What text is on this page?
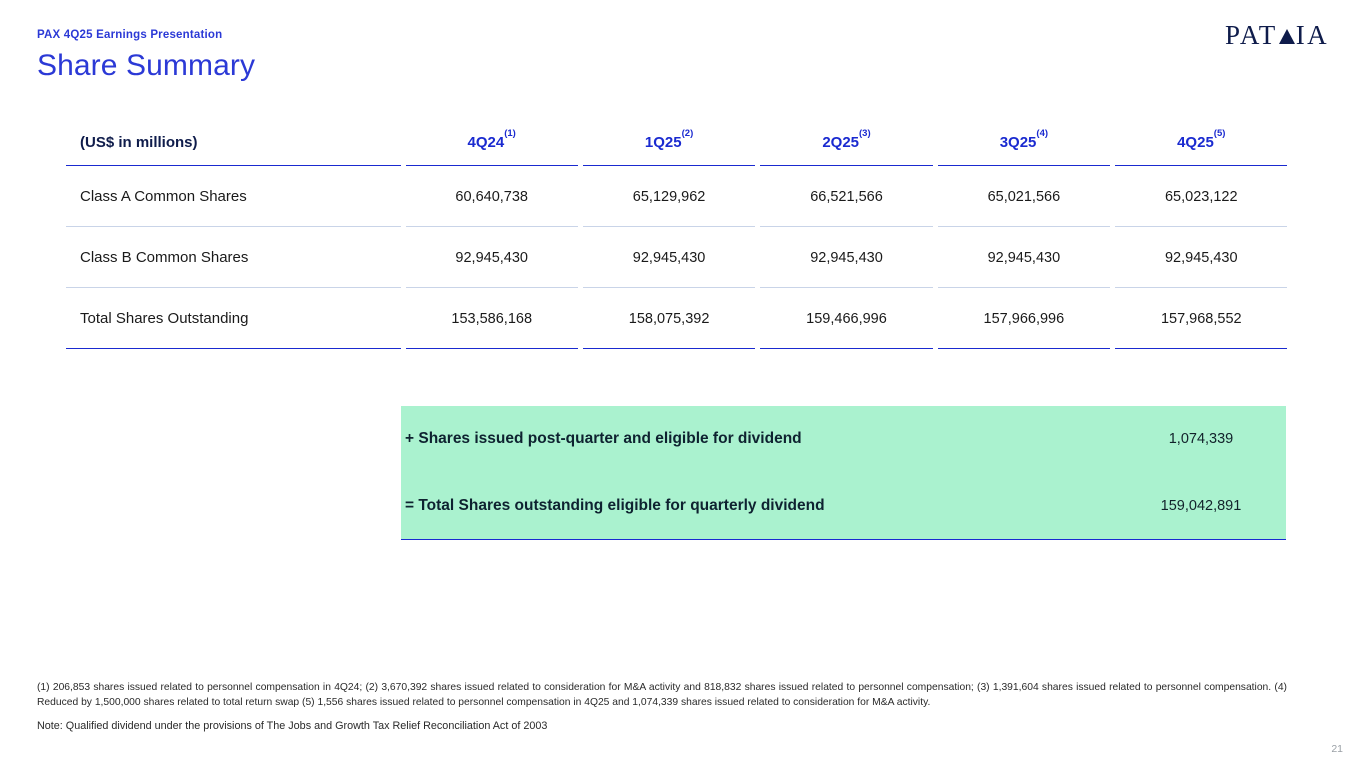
PAX 4Q25 Earnings Presentation
Share Summary
PAT IA
(US$ in millions)	4Q24$^{(1)}$	1Q25$^{(2)}$	2Q25$^{(3)}$	3Q25$^{(4)}$	4Q25$^{(5)}$
Class A Common Shares	60,640,738	65,129,962	66,521,566	65,021,566	65,023,122
Class B Common Shares	92,945,430	92,945,430	92,945,430	92,945,430	92,945,430
Total Shares Outstanding	153,586,168	158,075,392	159,466,996	157,966,996	157,968,552
+ Shares issued post-quarter and eligible for dividend	1,074,339
= Total Shares outstanding eligible for quarterly dividend	159,042,891
(1) 206,853 shares issued related to personnel compensation in 4Q24; (2) 3,670,392 shares issued related to consideration for M&A activity and 818,832 shares issued related to personnel compensation; (3) 1,391,604 shares issued related to personnel compensation. (4) Reduced by 1,500,000 shares related to total return swap (5) 1,556 shares issued related to personnel compensation in 4Q25 and 1,074,339 shares issued related to consideration for M&A activity.
Note: Qualified dividend under the provisions of The Jobs and Growth Tax Relief Reconciliation Act of 2003
21
